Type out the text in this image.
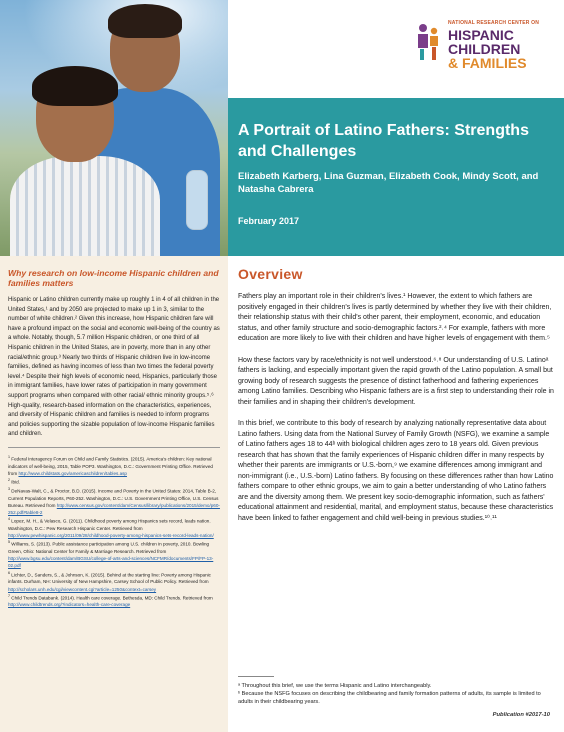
NATIONAL RESEARCH CENTER ON
HISPANIC
CHILDREN
& FAMILIES
A Portrait of Latino Fathers: Strengths and Challenges
Elizabeth Karberg, Lina Guzman, Elizabeth Cook, Mindy Scott, and Natasha Cabrera
February 2017
Why research on low-income Hispanic children and families matters
Hispanic or Latino children currently make up roughly 1 in 4 of all children in the United States,¹ and by 2050 are projected to make up 1 in 3, similar to the number of white children.² Given this increase, how Hispanic children fare will have a profound impact on the social and economic well-being of the country as a whole. Notably, though, 5.7 million Hispanic children, or one third of all Hispanic children in the United States, are in poverty, more than in any other racial/ethnic group.³ Nearly two thirds of Hispanic children live in low-income families, defined as having incomes of less than two times the federal poverty level.⁴ Despite their high levels of economic need, Hispanics, particularly those in immigrant families, have lower rates of participation in many government support programs when compared with other racial/ ethnic minority groups.⁵˒⁶ High-quality, research-based information on the characteristics, experiences, and diversity of Hispanic children and families is needed to inform programs and policies supporting the sizable population of low-income Hispanic families and children.
$^1$ Federal Interagency Forum on Child and Family Statistics. (2015). America's children: Key national indicators of well-being, 2015, Table POP3. Washington, D.C.: Government Printing Office. Retrieved from http://www.childstats.gov/americaschildren/tables.asp
$^2$ Ibid.
$^3$ DeNavas-Walt, C., & Proctor, B.D. (2015). Income and Poverty in the United States: 2014, Table B-2, Current Population Reports, P60-252. Washington, D.C.: U.S. Government Printing Office, U.S. Census Bureau. Retrieved from http://www.census.gov/content/dam/Census/library/publications/2015/demo/p60-252.pdf#table8-2
$^4$ Lopez, M. H., & Velasco, G. (2011). Childhood poverty among Hispanics sets record, leads nation. Washington, D.C.: Pew Research Hispanic Center. Retrieved from http://www.pewhispanic.org/2011/09/28/childhood-poverty-among-hispanics-sets-record-leads-nation/
$^5$ Williams, S. (2013). Public assistance participation among U.S. children in poverty, 2010. Bowling Green, Ohio: National Center for Family & Marriage Research. Retrieved from http://www.bgsu.edu/content/dam/BGSU/college-of-arts-and-sciences/NCFMR/documents/FP/FP-13-02.pdf
$^6$ Lichter, D., Sanders, S., & Johnson, K. (2015). Behind at the starting line: Poverty among Hispanic infants. Durham, NH: University of New Hampshire, Carsey School of Public Policy. Retrieved from http://scholars.unh.edu/cgi/viewcontent.cgi?article=1250&context=carsey
$^7$ Child Trends Databank. (2014). Health care coverage. Bethesda, MD: Child Trends. Retrieved from http://www.childtrends.org/?indicators=health-care-coverage
Overview

Fathers play an important role in their children's lives.¹ However, the extent to which fathers are positively engaged in their children's lives is partly determined by whether they live with their children, their relationship status with their child's other parent, their employment, economic, and education status, and other family structure and socio-demographic factors.²˒⁴ For example, fathers with more education are more likely to live with their children and have higher levels of engagement with them.⁵

How these factors vary by race/ethnicity is not well understood.⁶˒⁸ Our understanding of U.S. Latinoᵃ fathers is lacking, and especially important given the rapid growth of the Latino population. A small but growing body of research suggests the presence of distinct fatherhood and fathering experiences among Latino families. Describing who Hispanic fathers are is a first step to understanding their role in their families and in shaping their children's development.

In this brief, we contribute to this body of research by analyzing nationally representative data about Latino fathers. Using data from the National Survey of Family Growth (NSFG), we examine a sample of Latino fathers ages 18 to 44ᵇ with biological children ages zero to 18 years old. Given previous research that has shown that the family experiences of Hispanic children differ in many respects by whether their parents are immigrants or U.S.-born,⁹ we examine differences among immigrant and non-immigrant (i.e., U.S.-born) Latino fathers. By focusing on these differences rather than how Latino fathers compare to other ethnic groups, we aim to gain a better understanding of who Latino fathers are and the diversity among them. We present key socio-demographic information, such as fathers' educational attainment and residential, marital, and employment status, because these characteristics have been linked to father engagement and child well-being in previous studies.¹⁰˒¹¹

ᵃ Throughout this brief, we use the terms Hispanic and Latino interchangeably.
ᵇ Because the NSFG focuses on describing the childbearing and family formation patterns of adults, its sample is limited to adults in their childbearing years.
Publication #2017-10
